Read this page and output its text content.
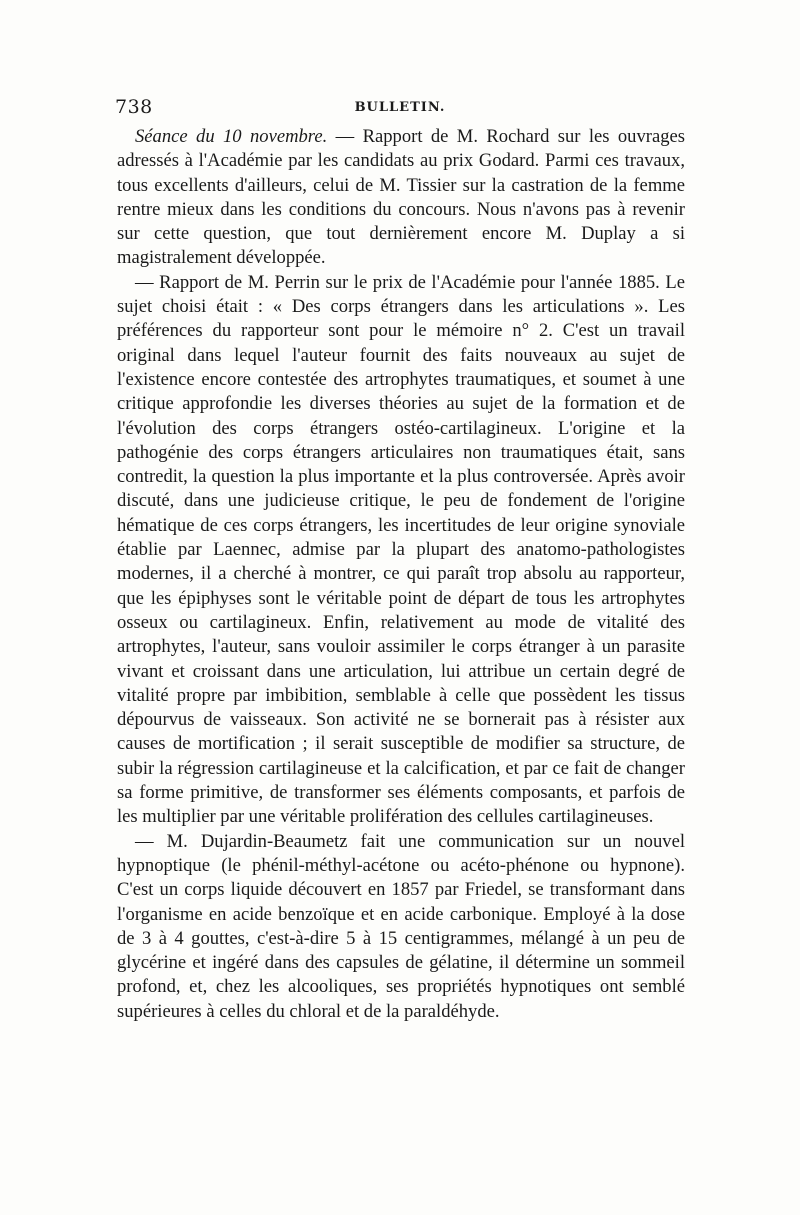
738	BULLETIN.

Séance du 10 novembre. — Rapport de M. Rochard sur les ouvrages adressés à l'Académie par les candidats au prix Godard. Parmi ces travaux, tous excellents d'ailleurs, celui de M. Tissier sur la castration de la femme rentre mieux dans les conditions du concours. Nous n'avons pas à revenir sur cette question, que tout dernièrement encore M. Duplay a si magistralement développée.

— Rapport de M. Perrin sur le prix de l'Académie pour l'année 1885. Le sujet choisi était : « Des corps étrangers dans les articulations ». Les préférences du rapporteur sont pour le mémoire n° 2. C'est un travail original dans lequel l'auteur fournit des faits nouveaux au sujet de l'existence encore contestée des artrophytes traumatiques, et soumet à une critique approfondie les diverses théories au sujet de la formation et de l'évolution des corps étrangers ostéo-cartilagineux. L'origine et la pathogénie des corps étrangers articulaires non traumatiques était, sans contredit, la question la plus importante et la plus controversée. Après avoir discuté, dans une judicieuse critique, le peu de fondement de l'origine hématique de ces corps étrangers, les incertitudes de leur origine synoviale établie par Laennec, admise par la plupart des anatomo-pathologistes modernes, il a cherché à montrer, ce qui paraît trop absolu au rapporteur, que les épiphyses sont le véritable point de départ de tous les artrophytes osseux ou cartilagineux. Enfin, relativement au mode de vitalité des artrophytes, l'auteur, sans vouloir assimiler le corps étranger à un parasite vivant et croissant dans une articulation, lui attribue un certain degré de vitalité propre par imbibition, semblable à celle que possèdent les tissus dépourvus de vaisseaux. Son activité ne se bornerait pas à résister aux causes de mortification ; il serait susceptible de modifier sa structure, de subir la régression cartilagineuse et la calcification, et par ce fait de changer sa forme primitive, de transformer ses éléments composants, et parfois de les multiplier par une véritable prolifération des cellules cartilagineuses.

— M. Dujardin-Beaumetz fait une communication sur un nouvel hypnoptique (le phénil-méthyl-acétone ou acéto-phénone ou hypnone). C'est un corps liquide découvert en 1857 par Friedel, se transformant dans l'organisme en acide benzoïque et en acide carbonique. Employé à la dose de 3 à 4 gouttes, c'est-à-dire 5 à 15 centigrammes, mélangé à un peu de glycérine et ingéré dans des capsules de gélatine, il détermine un sommeil profond, et, chez les alcooliques, ses propriétés hypnotiques ont semblé supérieures à celles du chloral et de la paraldéhyde.
